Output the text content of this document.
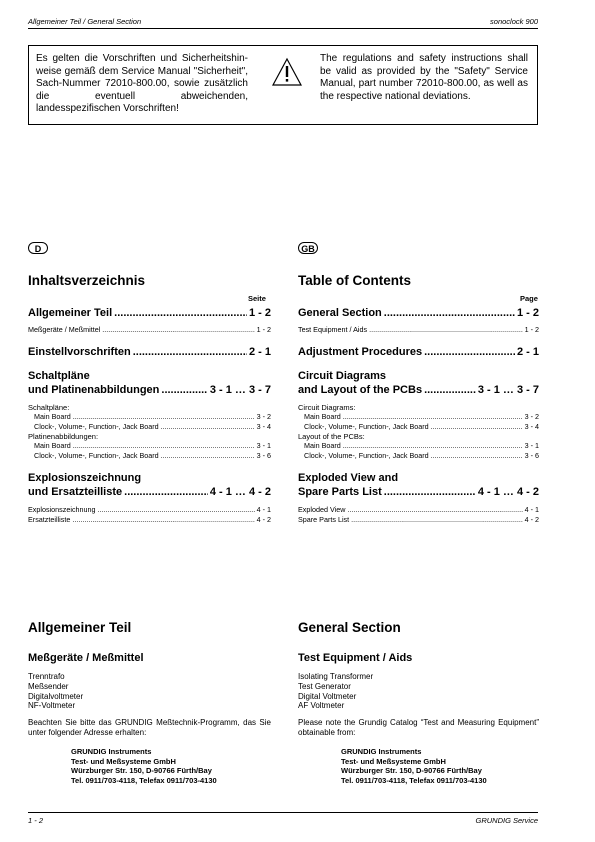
Allgemeiner Teil / General Section	sonoclock 900
Es gelten die Vorschriften und Sicherheitshin-weise gemäß dem Service Manual "Sicherheit", Sach-Nummer 72010-800.00, sowie zusätzlich die eventuell abweichenden, landesspezifischen Vorschriften!
The regulations and safety instructions shall be valid as provided by the "Safety" Service Manual, part number 72010-800.00, as well as the respective national deviations.
D
Inhaltsverzeichnis
Seite
Allgemeiner Teil .....	1 - 2
Meßgeräte / Meßmittel .....	1 - 2
Einstellvorschriften .....	2 - 1
Schaltpläne
und Platinenabbildungen .....	3 - 1 … 3 - 7
Schaltpläne:
Main Board .....	3 - 2
Clock-, Volume-, Function-, Jack Board .....	3 - 4
Platinenabbildungen:
Main Board .....	3 - 1
Clock-, Volume-, Function-, Jack Board .....	3 - 6
Explosionszeichnung
und Ersatzteilliste .....	4 - 1 … 4 - 2
Explosionszeichnung .....	4 - 1
Ersatzteilliste .....	4 - 2
GB
Table of Contents
Page
General Section .....	1 - 2
Test Equipment / Aids .....	1 - 2
Adjustment Procedures .....	2 - 1
Circuit Diagrams
and Layout of the PCBs .....	3 - 1 … 3 - 7
Circuit Diagrams:
Main Board .....	3 - 2
Clock-, Volume-, Function-, Jack Board .....	3 - 4
Layout of the PCBs:
Main Board .....	3 - 1
Clock-, Volume-, Function-, Jack Board .....	3 - 6
Exploded View and
Spare Parts List .....	4 - 1 … 4 - 2
Exploded View .....	4 - 1
Spare Parts List .....	4 - 2
Allgemeiner Teil
Meßgeräte / Meßmittel
Trenntrafo
Meßsender
Digitalvoltmeter
NF-Voltmeter
Beachten Sie bitte das GRUNDIG Meßtechnik-Programm, das Sie unter folgender Adresse erhalten:
GRUNDIG Instruments
Test- und Meßsysteme GmbH
Würzburger Str. 150, D-90766 Fürth/Bay
Tel. 0911/703-4118, Telefax 0911/703-4130
General Section
Test Equipment / Aids
Isolating Transformer
Test Generator
Digital Voltmeter
AF Voltmeter
Please note the Grundig Catalog “Test and Measuring Equipment” obtainable from:
GRUNDIG Instruments
Test- und Meßsysteme GmbH
Würzburger Str. 150, D-90766 Fürth/Bay
Tel. 0911/703-4118, Telefax 0911/703-4130
1 - 2	GRUNDIG Service
